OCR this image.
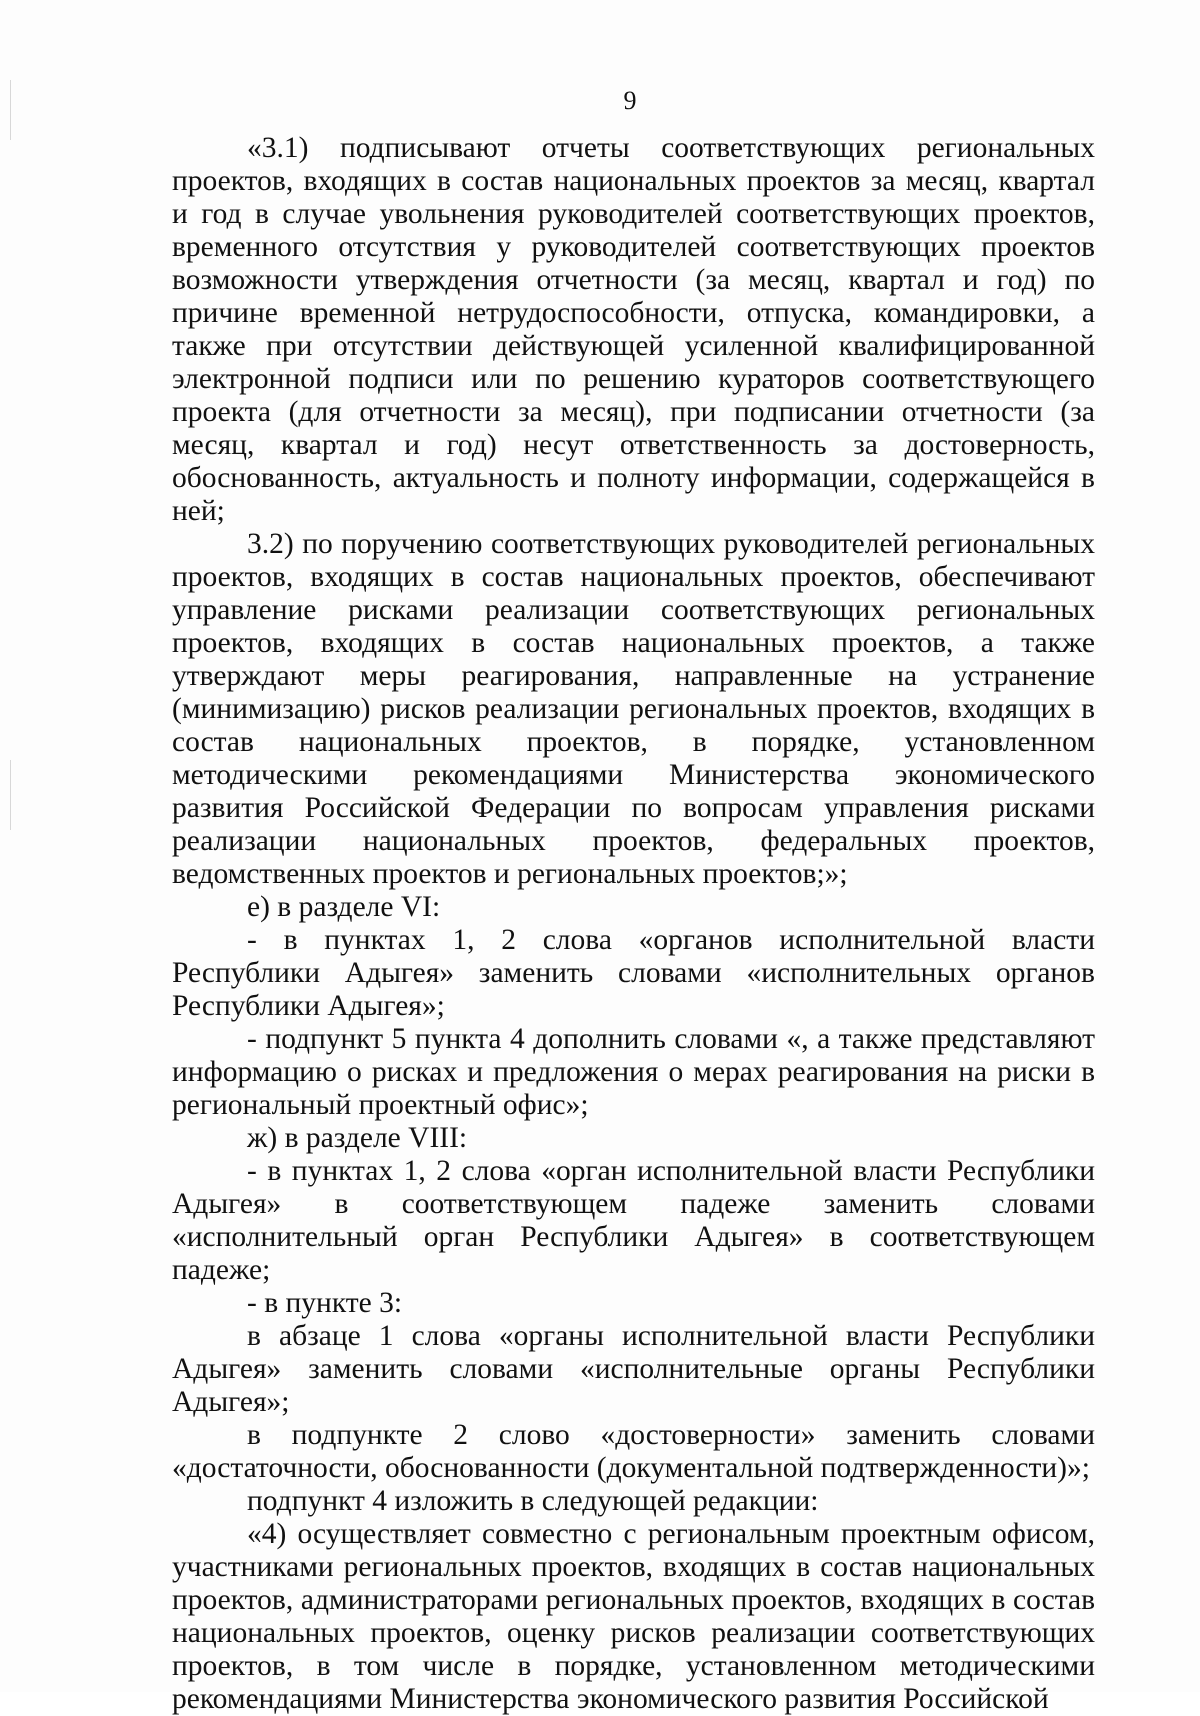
9

«3.1) подписывают отчеты соответствующих региональных проектов, входящих в состав национальных проектов за месяц, квартал и год в случае увольнения руководителей соответствующих проектов, временного отсутствия у руководителей соответствующих проектов возможности утверждения отчетности (за месяц, квартал и год) по причине временной нетрудоспособности, отпуска, командировки, а также при отсутствии действующей усиленной квалифицированной электронной подписи или по решению кураторов соответствующего проекта (для отчетности за месяц), при подписании отчетности (за месяц, квартал и год) несут ответственность за достоверность, обоснованность, актуальность и полноту информации, содержащейся в ней;

3.2) по поручению соответствующих руководителей региональных проектов, входящих в состав национальных проектов, обеспечивают управление рисками реализации соответствующих региональных проектов, входящих в состав национальных проектов, а также утверждают меры реагирования, направленные на устранение (минимизацию) рисков реализации региональных проектов, входящих в состав национальных проектов, в порядке, установленном методическими рекомендациями Министерства экономического развития Российской Федерации по вопросам управления рисками реализации национальных проектов, федеральных проектов, ведомственных проектов и региональных проектов;»;

е) в разделе VI:

- в пунктах 1, 2 слова «органов исполнительной власти Республики Адыгея» заменить словами «исполнительных органов Республики Адыгея»;

- подпункт 5 пункта 4 дополнить словами «, а также представляют информацию о рисках и предложения о мерах реагирования на риски в региональный проектный офис»;

ж) в разделе VIII:

- в пунктах 1, 2 слова «орган исполнительной власти Республики Адыгея» в соответствующем падеже заменить словами «исполнительный орган Республики Адыгея» в соответствующем падеже;

- в пункте 3:

в абзаце 1 слова «органы исполнительной власти Республики Адыгея» заменить словами «исполнительные органы Республики Адыгея»;

в подпункте 2 слово «достоверности» заменить словами «достаточности, обоснованности (документальной подтвержденности)»;

подпункт 4 изложить в следующей редакции:

«4) осуществляет совместно с региональным проектным офисом, участниками региональных проектов, входящих в состав национальных проектов, администраторами региональных проектов, входящих в состав национальных проектов, оценку рисков реализации соответствующих проектов, в том числе в порядке, установленном методическими рекомендациями Министерства экономического развития Российской
